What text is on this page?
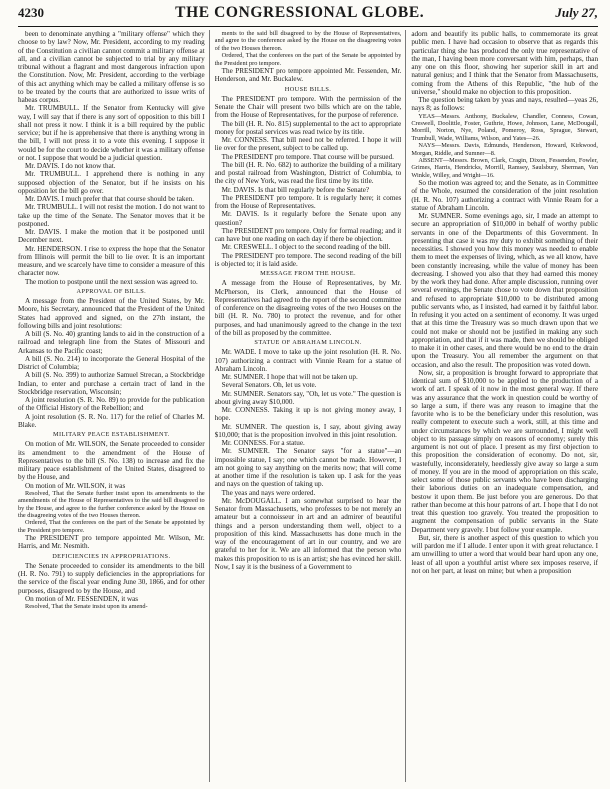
4230	THE CONGRESSIONAL GLOBE.	July 27,

been to denominate anything a "military offense" which they choose to by law? Now, Mr. President, according to my reading of the Constitution a civilian cannot commit a military offense at all, and a civilian cannot be subjected to trial by any military tribunal without a flagrant and most dangerous infraction upon the Constitution. Now, Mr. President, according to the verbiage of this act anything which may be called a military offense is so to be treated by the courts that are authorized to issue writs of habeas corpus.

Mr. TRUMBULL. If the Senator from Kentucky will give way, I will say that if there is any sort of opposition to this bill I shall not press it now. I think it is a bill required by the public service; but if he is apprehensive that there is anything wrong in the bill, I will not press it to a vote this evening. I suppose it would be for the court to decide whether it was a military offense or not. I suppose that would be a judicial question.

Mr. DAVIS. I do not know that.

Mr. TRUMBULL. I apprehend there is nothing in any supposed objection of the Senator, but if he insists on his opposition let the bill go over.

Mr. DAVIS. I much prefer that that course should be taken.

Mr. TRUMBULL. I will not resist the motion. I do not want to take up the time of the Senate. The Senator moves that it be postponed.

Mr. DAVIS. I make the motion that it be postponed until December next.

Mr. HENDERSON. I rise to express the hope that the Senator from Illinois will permit the bill to lie over. It is an important measure, and we scarcely have time to consider a measure of this character now.

The motion to postpone until the next session was agreed to.

APPROVAL OF BILLS.

A message from the President of the United States, by Mr. Moore, his Secretary, announced that the President of the United States had approved and signed, on the 27th instant, the following bills and joint resolutions:

A bill (S. No. 40) granting lands to aid in the construction of a railroad and telegraph line from the States of Missouri and Arkansas to the Pacific coast;

A bill (S. No. 214) to incorporate the General Hospital of the District of Columbia;

A bill (S. No. 399) to authorize Samuel Strecan, a Stockbridge Indian, to enter and purchase a certain tract of land in the Stockbridge reservation, Wisconsin;

A joint resolution (S. R. No. 89) to provide for the publication of the Official History of the Rebellion; and

A joint resolution (S. R. No. 117) for the relief of Charles M. Blake.

MILITARY PEACE ESTABLISHMENT.

On motion of Mr. WILSON, the Senate proceeded to consider its amendment to the amendment of the House of Representatives to the bill (S. No. 138) to increase and fix the military peace establishment of the United States, disagreed to by the House, and

On motion of Mr. WILSON, it was

Resolved, That the Senate further insist upon its amendments to the amendments of the House of Representatives to the said bill disagreed to by the House, and agree to the further conference asked by the House on the disagreeing votes of the two Houses thereon.

Ordered, That the conferees on the part of the Senate be appointed by the President pro tempore.

The PRESIDENT pro tempore appointed Mr. Wilson, Mr. Harris, and Mr. Nesmith.

DEFICIENCIES IN APPROPRIATIONS.

The Senate proceeded to consider its amendments to the bill (H. R. No. 791) to supply deficiencies in the appropriations for the service of the fiscal year ending June 30, 1866, and for other purposes, disagreed to by the House, and

On motion of Mr. FESSENDEN, it was

Resolved, That the Senate insist upon its amend-

ments to the said bill disagreed to by the House of Representatives, and agree to the conference asked by the House on the disagreeing votes of the two Houses thereon.

Ordered, That the conferees on the part of the Senate be appointed by the President pro tempore.

The PRESIDENT pro tempore appointed Mr. Fessenden, Mr. Henderson, and Mr. Buckalew.

HOUSE BILLS.

The PRESIDENT pro tempore. With the permission of the Senate the Chair will present two bills which are on the table, from the House of Representatives, for the purpose of reference.

The bill (H. R. No. 815) supplemental to the act to appropriate money for postal services was read twice by its title.

Mr. CONNESS. That bill need not be referred. I hope it will lie over for the present, subject to be called up.

The PRESIDENT pro tempore. That course will be pursued.

The bill (H. R. No. 682) to authorize the building of a military and postal railroad from Washington, District of Columbia, to the city of New York, was read the first time by its title.

Mr. DAVIS. Is that bill regularly before the Senate?

The PRESIDENT pro tempore. It is regularly here; it comes from the House of Representatives.

Mr. DAVIS. Is it regularly before the Senate upon any question?

The PRESIDENT pro tempore. Only for formal reading; and it can have but one reading on each day if there be objection.

Mr. CRESWELL. I object to the second reading of the bill.

The PRESIDENT pro tempore. The second reading of the bill is objected to; it is laid aside.

MESSAGE FROM THE HOUSE.

A message from the House of Representatives, by Mr. McPherson, its Clerk, announced that the House of Representatives had agreed to the report of the second committee of conference on the disagreeing votes of the two Houses on the bill (H. R. No. 780) to protect the revenue, and for other purposes, and had unanimously agreed to the change in the text of the bill as proposed by the committee.

STATUE OF ABRAHAM LINCOLN.

Mr. WADE. I move to take up the joint resolution (H. R. No. 107) authorizing a contract with Vinnie Ream for a statue of Abraham Lincoln.

Mr. SUMNER. I hope that will not be taken up.

Several Senators. Oh, let us vote.

Mr. SUMNER. Senators say, "Oh, let us vote." The question is about giving away $10,000.

Mr. CONNESS. Taking it up is not giving money away, I hope.

Mr. SUMNER. The question is, I say, about giving away $10,000; that is the proposition involved in this joint resolution.

Mr. CONNESS. For a statue.

Mr. SUMNER. The Senator says "for a statue"—an impossible statue, I say; one which cannot be made. However, I am not going to say anything on the merits now; that will come at another time if the resolution is taken up. I ask for the yeas and nays on the question of taking up.

The yeas and nays were ordered.

Mr. McDOUGALL. I am somewhat surprised to hear the Senator from Massachusetts, who professes to be not merely an amateur but a connoisseur in art and an admirer of beautiful things and a person understanding them well, object to a proposition of this kind. Massachusetts has done much in the way of the encouragement of art in our country, and we are grateful to her for it. We are all informed that the person who makes this proposition to us is an artist; she has evinced her skill. Now, I say it is the business of a Government to

adorn and beautify its public halls, to commemorate its great public men. I have had occasion to observe that as regards this particular thing she has produced the only true representative of the man, I having been more conversant with him, perhaps, than any one on this floor, showing her superior skill in art and natural genius; and I think that the Senator from Massachusetts, coming from the Athens of this Republic, "the hub of the universe," should make no objection to this proposition.

The question being taken by yeas and nays, resulted—yeas 26, nays 8; as follows:

YEAS—Messrs. Anthony, Buckalew, Chandler, Conness, Cowan, Creswell, Doolittle, Foster, Guthrie, Howe, Johnson, Lane, McDougall, Morrill, Norton, Nye, Poland, Pomeroy, Ross, Sprague, Stewart, Trumbull, Wade, Williams, Wilson, and Yates—26.

NAYS—Messrs. Davis, Edmunds, Henderson, Howard, Kirkwood, Morgan, Riddle, and Sumner—8.

ABSENT—Messrs. Brown, Clark, Cragin, Dixon, Fessenden, Fowler, Grimes, Harris, Hendricks, Morrill, Ramsey, Saulsbury, Sherman, Van Winkle, Willey, and Wright—16.

So the motion was agreed to; and the Senate, as in Committee of the Whole, resumed the consideration of the joint resolution (H. R. No. 107) authorizing a contract with Vinnie Ream for a statue of Abraham Lincoln.

Mr. SUMNER. Some evenings ago, sir, I made an attempt to secure an appropriation of $10,000 in behalf of worthy public servants in one of the Departments of this Government. In presenting that case it was my duty to exhibit something of their necessities. I showed you how this money was needed to enable them to meet the expenses of living, which, as we all know, have been constantly increasing, while the value of money has been decreasing. I showed you also that they had earned this money by the work they had done. After ample discussion, running over several evenings, the Senate chose to vote down that proposition and refused to appropriate $10,000 to be distributed among public servants who, as I insisted, had earned it by faithful labor. In refusing it you acted on a sentiment of economy. It was urged that at this time the Treasury was so much drawn upon that we could not make or should not be justified in making any such appropriation, and that if it was made, then we should be obliged to make it in other cases, and there would be no end to the drain upon the Treasury. You all remember the argument on that occasion, and also the result. The proposition was voted down.

Now, sir, a proposition is brought forward to appropriate that identical sum of $10,000 to be applied to the production of a work of art. I speak of it now in the most general way. If there was any assurance that the work in question could be worthy of so large a sum, if there was any reason to imagine that the favorite who is to be the beneficiary under this resolution, was really competent to execute such a work, still, at this time and under circumstances by which we are surrounded, I might well object to its passage simply on reasons of economy; surely this argument is not out of place. I present as my first objection to this proposition the consideration of economy. Do not, sir, wastefully, inconsiderately, heedlessly give away so large a sum of money. If you are in the mood of appropriation on this scale, select some of those public servants who have been discharging their laborious duties on an inadequate compensation, and bestow it upon them. Be just before you are generous. Do that rather than become at this hour patrons of art. I hope that I do not treat this question too gravely. You treated the proposition to augment the compensation of public servants in the State Department very gravely. I but follow your example.

But, sir, there is another aspect of this question to which you will pardon me if I allude. I enter upon it with great reluctance. I am unwilling to utter a word that would bear hard upon any one, least of all upon a youthful artist where sex imposes reserve, if not on her part, at least on mine; but when a proposition
